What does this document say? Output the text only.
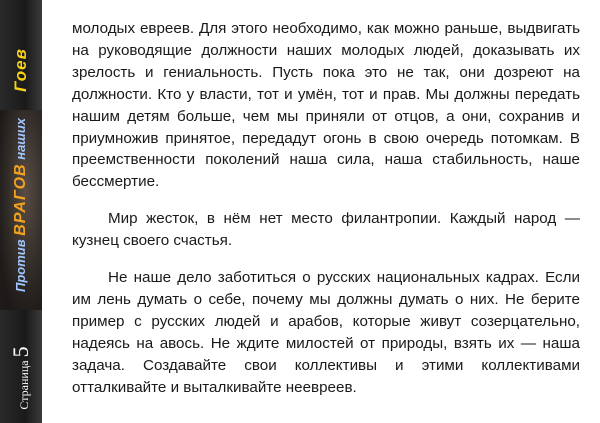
Гоев
Против ВРАГОВ наших
Страница5

молодых евреев. Для этого необходимо, как можно раньше, выдвигать на руководящие должности наших молодых людей, доказывать их зрелость и гениальность. Пусть пока это не так, они дозреют на должности. Кто у власти, тот и умён, тот и прав. Мы должны передать нашим детям больше, чем мы приняли от отцов, а они, сохранив и приумножив принятое, передадут огонь в свою очередь потомкам. В преемственности поколений наша сила, наша стабильность, наше бессмертие.

Мир жесток, в нём нет место филантропии. Каждый народ — кузнец своего счастья.

Не наше дело заботиться о русских национальных кадрах. Если им лень думать о себе, почему мы должны думать о них. Не берите пример с русских людей и арабов, которые живут созерцательно, надеясь на авось. Не ждите милостей от природы, взять их — наша задача. Создавайте свои коллективы и этими коллективами отталкивайте и выталкивайте неевреев.
